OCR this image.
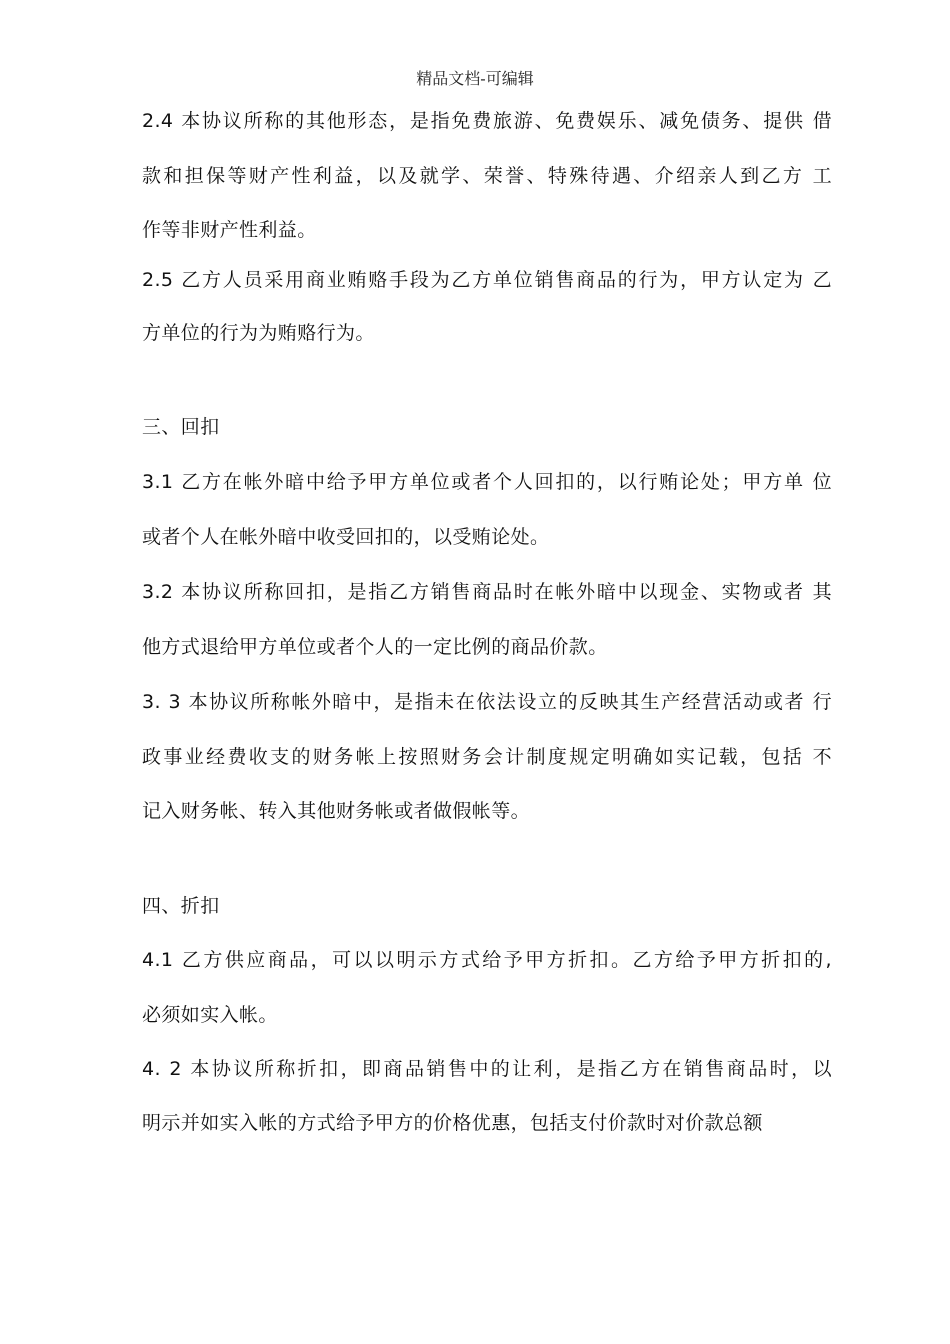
精品文档-可编辑
2.4 本协议所称的其他形态，是指免费旅游、免费娱乐、减免债务、提供 借
款和担保等财产性利益，以及就学、荣誉、特殊待遇、介绍亲人到乙方 工
作等非财产性利益。
2.5 乙方人员采用商业贿赂手段为乙方单位销售商品的行为，甲方认定为 乙
方单位的行为为贿赂行为。
三、回扣
3.1 乙方在帐外暗中给予甲方单位或者个人回扣的，以行贿论处；甲方单 位
或者个人在帐外暗中收受回扣的，以受贿论处。
3.2 本协议所称回扣，是指乙方销售商品时在帐外暗中以现金、实物或者 其
他方式退给甲方单位或者个人的一定比例的商品价款。
3. 3 本协议所称帐外暗中，是指未在依法设立的反映其生产经营活动或者 行
政事业经费收支的财务帐上按照财务会计制度规定明确如实记载，包括 不
记入财务帐、转入其他财务帐或者做假帐等。
四、折扣
4.1 乙方供应商品，可以以明示方式给予甲方折扣。乙方给予甲方折扣的,
必须如实入帐。
4. 2 本协议所称折扣，即商品销售中的让利，是指乙方在销售商品时，以
明示并如实入帐的方式给予甲方的价格优惠，包括支付价款时对价款总额
